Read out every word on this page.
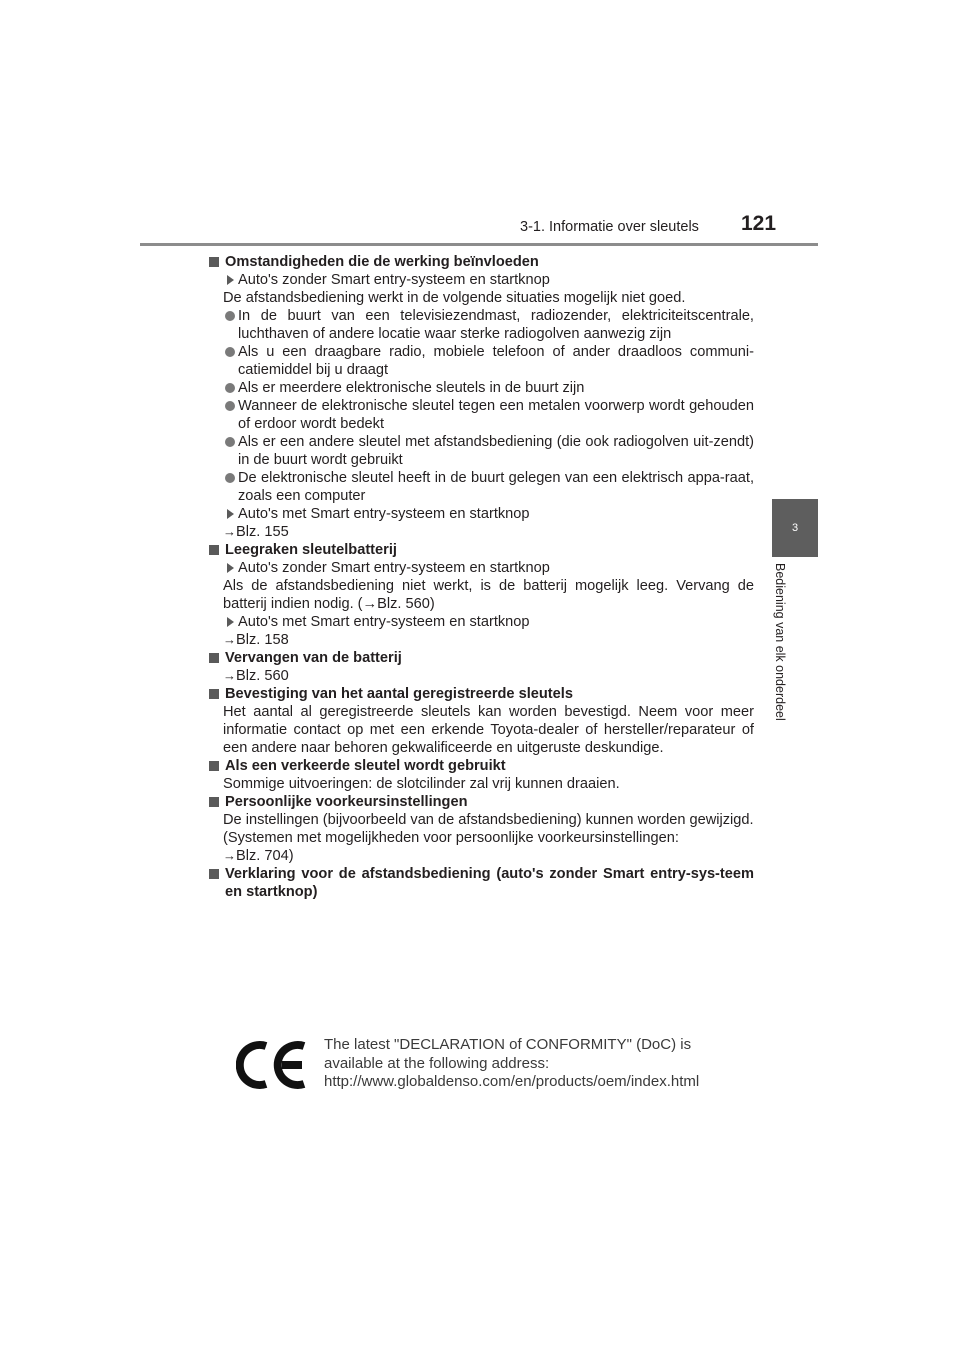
3-1. Informatie over sleutels 121
3
Bediening van elk onderdeel
Omstandigheden die de werking beïnvloeden
Auto's zonder Smart entry-systeem en startknop
De afstandsbediening werkt in de volgende situaties mogelijk niet goed.
In de buurt van een televisiezendmast, radiozender, elektriciteitscentrale, luchthaven of andere locatie waar sterke radiogolven aanwezig zijn
Als u een draagbare radio, mobiele telefoon of ander draadloos communi-catiemiddel bij u draagt
Als er meerdere elektronische sleutels in de buurt zijn
Wanneer de elektronische sleutel tegen een metalen voorwerp wordt gehouden of erdoor wordt bedekt
Als er een andere sleutel met afstandsbediening (die ook radiogolven uit-zendt) in de buurt wordt gebruikt
De elektronische sleutel heeft in de buurt gelegen van een elektrisch appa-raat, zoals een computer
Auto's met Smart entry-systeem en startknop
→Blz. 155
Leegraken sleutelbatterij
Auto's zonder Smart entry-systeem en startknop
Als de afstandsbediening niet werkt, is de batterij mogelijk leeg. Vervang de batterij indien nodig. (→Blz. 560)
Auto's met Smart entry-systeem en startknop
→Blz. 158
Vervangen van de batterij
→Blz. 560
Bevestiging van het aantal geregistreerde sleutels
Het aantal al geregistreerde sleutels kan worden bevestigd. Neem voor meer informatie contact op met een erkende Toyota-dealer of hersteller/reparateur of een andere naar behoren gekwalificeerde en uitgeruste deskundige.
Als een verkeerde sleutel wordt gebruikt
Sommige uitvoeringen: de slotcilinder zal vrij kunnen draaien.
Persoonlijke voorkeursinstellingen
De instellingen (bijvoorbeeld van de afstandsbediening) kunnen worden gewijzigd.
(Systemen met mogelijkheden voor persoonlijke voorkeursinstellingen:
→Blz. 704)
Verklaring voor de afstandsbediening (auto's zonder Smart entry-sys-teem en startknop)
The latest "DECLARATION of CONFORMITY" (DoC) is
available at the following address:
http://www.globaldenso.com/en/products/oem/index.html
